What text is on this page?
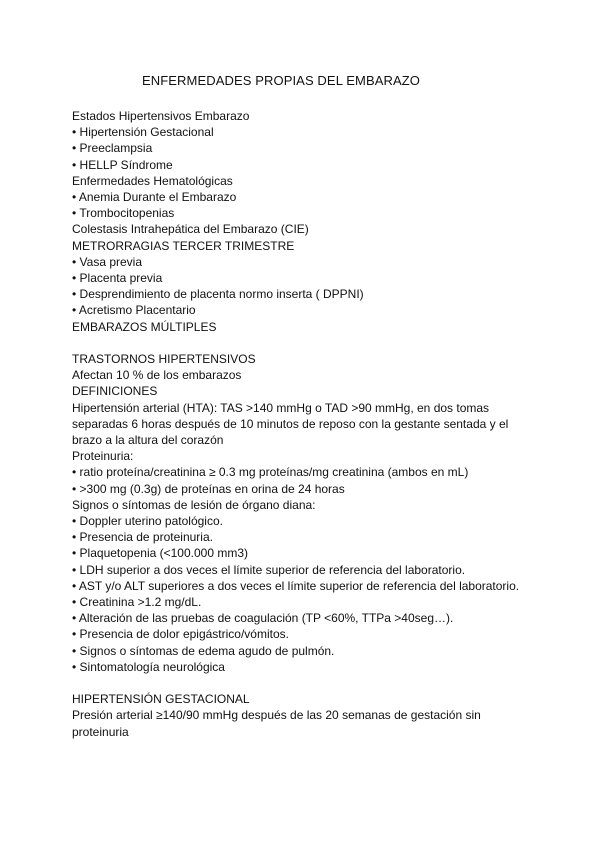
ENFERMEDADES PROPIAS DEL EMBARAZO
Estados Hipertensivos Embarazo
• Hipertensión Gestacional
• Preeclampsia
• HELLP Síndrome
Enfermedades Hematológicas
• Anemia Durante el Embarazo
• Trombocitopenias
Colestasis Intrahepática del Embarazo (CIE)
METRORRAGIAS TERCER TRIMESTRE
• Vasa previa
• Placenta previa
• Desprendimiento de placenta normo inserta ( DPPNI)
• Acretismo Placentario
EMBARAZOS MÚLTIPLES
TRASTORNOS HIPERTENSIVOS
Afectan 10 % de los embarazos
DEFINICIONES
Hipertensión arterial (HTA): TAS >140 mmHg o TAD >90 mmHg, en dos tomas separadas 6 horas después de 10 minutos de reposo con la gestante sentada y el brazo a la altura del corazón
Proteinuria:
• ratio proteína/creatinina ≥ 0.3 mg proteínas/mg creatinina (ambos en mL)
• >300 mg (0.3g) de proteínas en orina de 24 horas
Signos o síntomas de lesión de órgano diana:
• Doppler uterino patológico.
• Presencia de proteinuria.
• Plaquetopenia (<100.000 mm3)
• LDH superior a dos veces el límite superior de referencia del laboratorio.
• AST y/o ALT superiores a dos veces el límite superior de referencia del laboratorio.
• Creatinina >1.2 mg/dL.
• Alteración de las pruebas de coagulación (TP <60%, TTPa >40seg…).
• Presencia de dolor epigástrico/vómitos.
• Signos o síntomas de edema agudo de pulmón.
• Sintomatología neurológica
HIPERTENSIÓN GESTACIONAL
Presión arterial ≥140/90 mmHg después de las 20 semanas de gestación sin proteinuria
